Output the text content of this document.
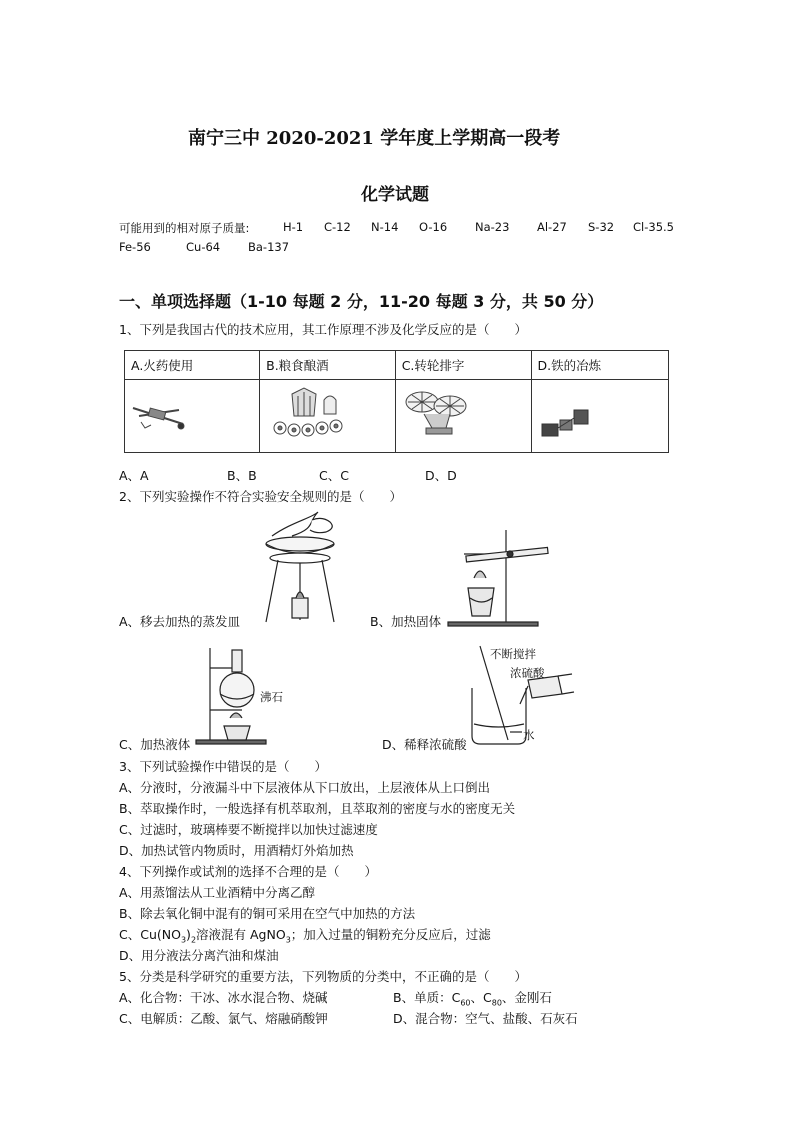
南宁三中 2020-2021 学年度上学期高一段考
化学试题
可能用到的相对原子质量:	H-1 C-12 N-14 O-16 Na-23 Al-27 S-32 Cl-35.5
Fe-56	Cu-64 Ba-137
一、单项选择题（1-10 每题 2 分，11-20 每题 3 分，共 50 分）
1、下列是我国古代的技术应用，其工作原理不涉及化学反应的是（　　）
A.火药使用	B.粮食酿酒	C.转轮排字	D.铁的冶炼

A、A	B、B	C、C	D、D
2、下列实验操作不符合实验安全规则的是（　　）
A、移去加热的蒸发皿	B、加热固体
沸石
C、加热液体
不断搅拌
浓硫酸
水
D、稀释浓硫酸
3、下列试验操作中错误的是（　　）
A、分液时，分液漏斗中下层液体从下口放出，上层液体从上口倒出
B、萃取操作时，一般选择有机萃取剂，且萃取剂的密度与水的密度无关
C、过滤时，玻璃棒要不断搅拌以加快过滤速度
D、加热试管内物质时，用酒精灯外焰加热
4、下列操作或试剂的选择不合理的是（　　）
A、用蒸馏法从工业酒精中分离乙醇
B、除去氧化铜中混有的铜可采用在空气中加热的方法
C、$Cu(NO_3)_2$溶液混有 AgNO$_3$；加入过量的铜粉充分反应后，过滤
D、用分液法分离汽油和煤油
5、分类是科学研究的重要方法，下列物质的分类中，不正确的是（　　）
A、化合物：干冰、冰水混合物、烧碱	B、单质：$C_{60}$、$C_{80}$、金刚石
C、电解质：乙酸、氯气、熔融硝酸钾	D、混合物：空气、盐酸、石灰石
